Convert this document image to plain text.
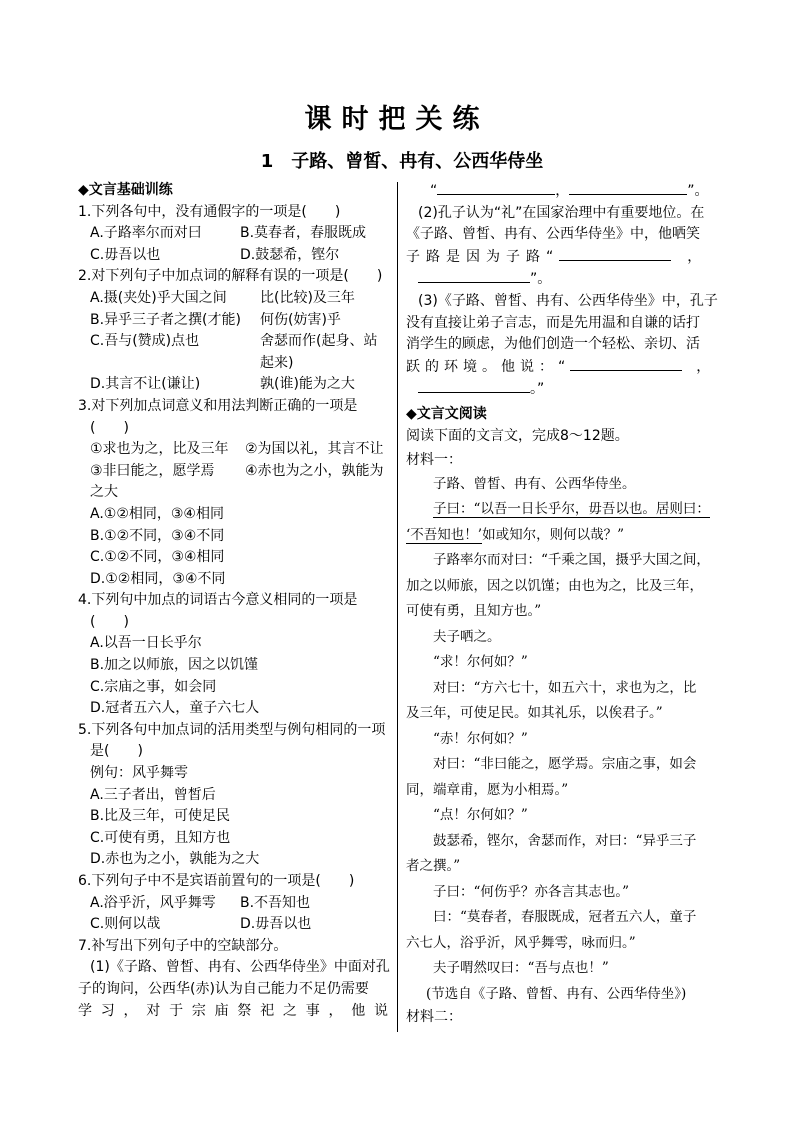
课时把关练
1　子路、曾皙、冉有、公西华侍坐
◆文言基础训练
1.下列各句中，没有通假字的一项是(　　)
A.子路率尔而对曰	B.莫春者，春服既成
C.毋吾以也	D.鼓瑟希，铿尔
2.对下列句子中加点词的解释有误的一项是(　　)
A.摄(夹处)乎大国之间	比(比较)及三年
B.异乎三子者之撰(才能)	何伤(妨害)乎
C.吾与(赞成)点也	舍瑟而作(起身、站
起来)
D.其言不让(谦让)	孰(谁)能为之大
3.对下列加点词意义和用法判断正确的一项是
(　　)
①求也为之，比及三年	②为国以礼，其言不让
③非曰能之，愿学焉	④赤也为之小，孰能为
之大
A.①②相同，③④相同
B.①②不同，③④不同
C.①②不同，③④相同
D.①②相同，③④不同
4.下列句中加点的词语古今意义相同的一项是
(　　)
A.以吾一日长乎尔
B.加之以师旅，因之以饥馑
C.宗庙之事，如会同
D.冠者五六人，童子六七人
5.下列各句中加点词的活用类型与例句相同的一项
是(　　)
例句：风乎舞雩
A.三子者出，曾皙后
B.比及三年，可使足民
C.可使有勇，且知方也
D.赤也为之小，孰能为之大
6.下列句子中不是宾语前置句的一项是(　　)
A.浴乎沂，风乎舞雩	B.不吾知也
C.则何以哉	D.毋吾以也
7.补写出下列句子中的空缺部分。
(1)《子路、曾皙、冉有、公西华侍坐》中面对孔
子的询问，公西华(赤)认为自己能力不足仍需要
学习，对于宗庙祭祀之事，他说
“	，	”。
(2)孔子认为“礼”在国家治理中有重要地位。在
《子路、曾皙、冉有、公西华侍坐》中，他哂笑
子路是因为子路“	，
”。
(3)《子路、曾皙、冉有、公西华侍坐》中，孔子
没有直接让弟子言志，而是先用温和自谦的话打
消学生的顾虑，为他们创造一个轻松、亲切、活
跃的环境。他说：“	，
。”
◆文言文阅读
阅读下面的文言文，完成8～12题。
材料一：
子路、曾皙、冉有、公西华侍坐。
子曰：“以吾一日长乎尔，毋吾以也。居则曰：
‘不吾知也！’如或知尔，则何以哉？”
子路率尔而对曰：“千乘之国，摄乎大国之间，
加之以师旅，因之以饥馑；由也为之，比及三年，
可使有勇，且知方也。”
夫子哂之。
“求！尔何如？”
对曰：“方六七十，如五六十，求也为之，比
及三年，可使足民。如其礼乐，以俟君子。”
“赤！尔何如？”
对曰：“非曰能之，愿学焉。宗庙之事，如会
同，端章甫，愿为小相焉。”
“点！尔何如？”
鼓瑟希，铿尔，舍瑟而作，对曰：“异乎三子
者之撰。”
子曰：“何伤乎？亦各言其志也。”
曰：“莫春者，春服既成，冠者五六人，童子
六七人，浴乎沂，风乎舞雩，咏而归。”
夫子喟然叹曰：“吾与点也！”
(节选自《子路、曾皙、冉有、公西华侍坐》)
材料二：
